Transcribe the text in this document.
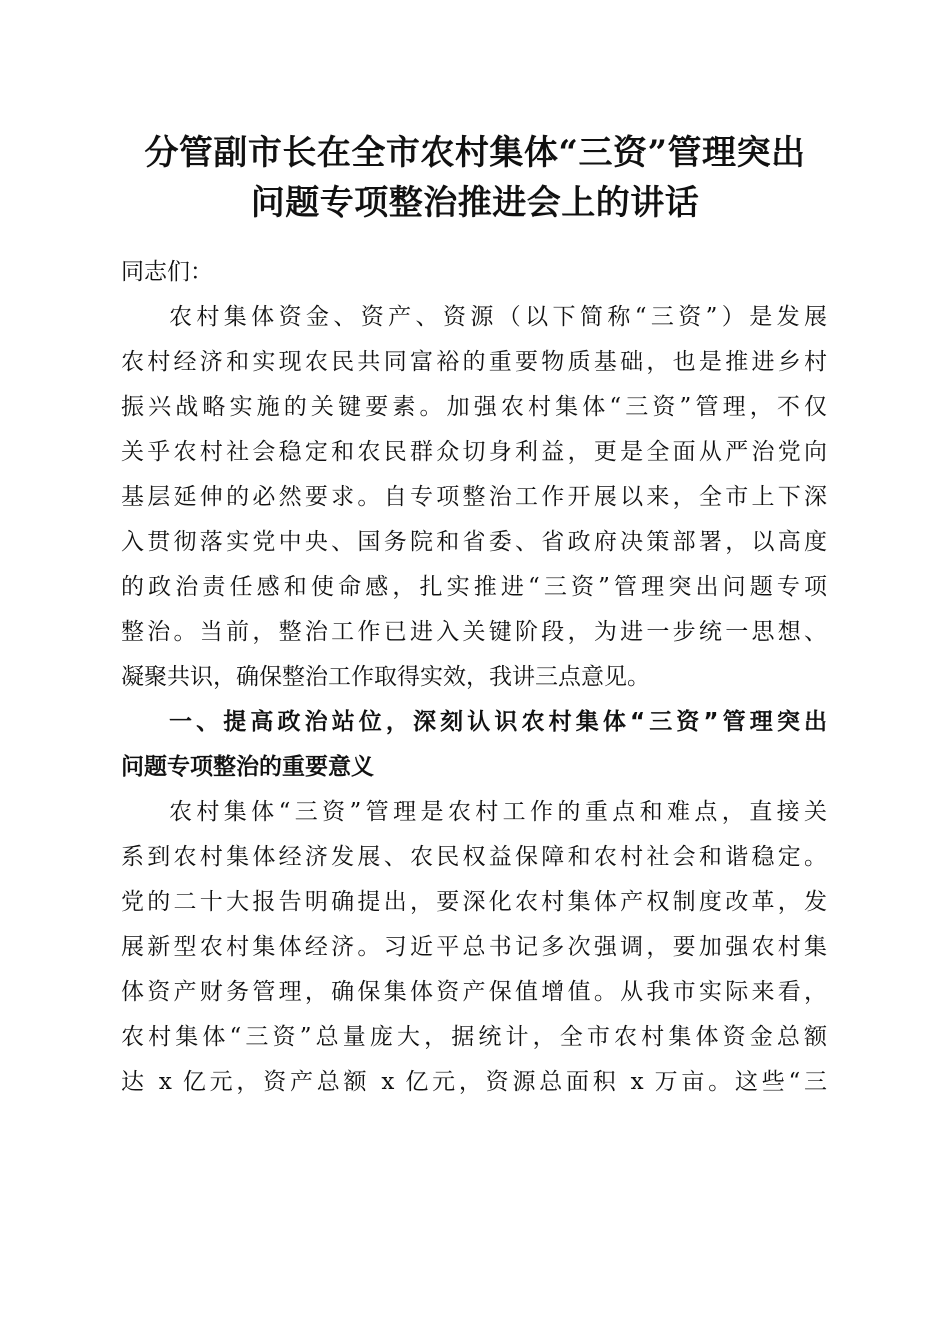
分管副市长在全市农村集体“三资”管理突出
问题专项整治推进会上的讲话
同志们：
农村集体资金、资产、资源（以下简称“三资”）是发展
农村经济和实现农民共同富裕的重要物质基础，也是推进乡村
振兴战略实施的关键要素。加强农村集体“三资”管理，不仅
关乎农村社会稳定和农民群众切身利益，更是全面从严治党向
基层延伸的必然要求。自专项整治工作开展以来，全市上下深
入贯彻落实党中央、国务院和省委、省政府决策部署，以高度
的政治责任感和使命感，扎实推进“三资”管理突出问题专项
整治。当前，整治工作已进入关键阶段，为进一步统一思想、
凝聚共识，确保整治工作取得实效，我讲三点意见。
一、提高政治站位，深刻认识农村集体“三资”管理突出
问题专项整治的重要意义
农村集体“三资”管理是农村工作的重点和难点，直接关
系到农村集体经济发展、农民权益保障和农村社会和谐稳定。
党的二十大报告明确提出，要深化农村集体产权制度改革，发
展新型农村集体经济。习近平总书记多次强调，要加强农村集
体资产财务管理，确保集体资产保值增值。从我市实际来看，
农村集体“三资”总量庞大，据统计，全市农村集体资金总额
达 x 亿元，资产总额 x 亿元，资源总面积 x 万亩。这些“三
